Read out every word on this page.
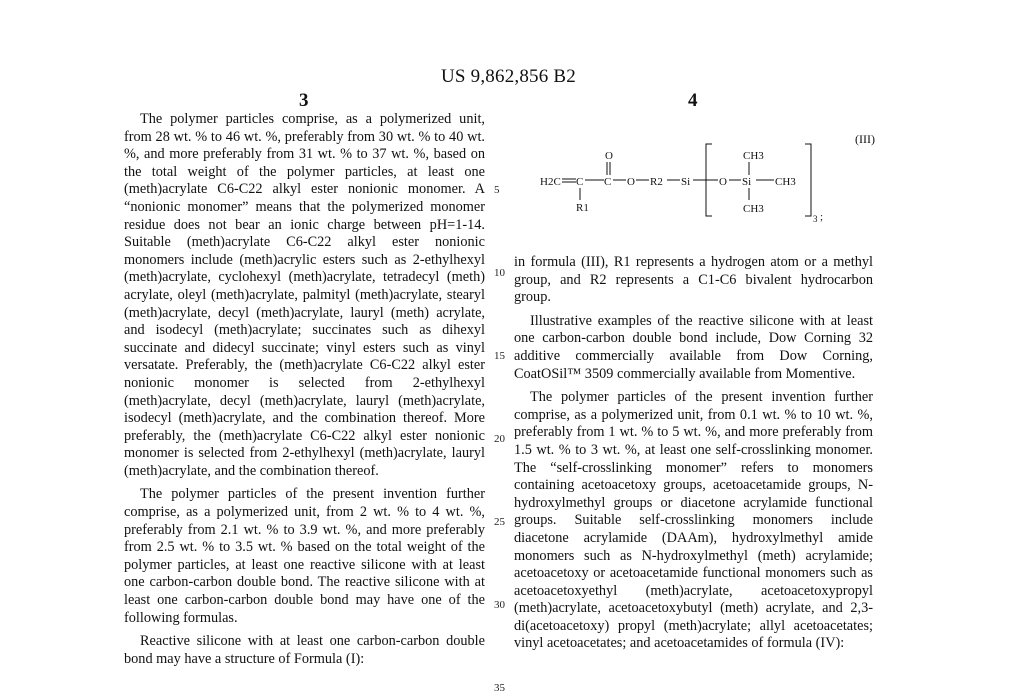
US 9,862,856 B2
3	4

The polymer particles comprise, as a polymerized unit, from 28 wt. % to 46 wt. %, preferably from 30 wt. % to 40 wt. %, and more preferably from 31 wt. % to 37 wt. %, based on the total weight of the polymer particles, at least one (meth)acrylate C6-C22 alkyl ester nonionic monomer. A “nonionic monomer” means that the polymerized monomer residue does not bear an ionic charge between pH=1-14. Suitable (meth)acrylate C6-C22 alkyl ester nonionic monomers include (meth)acrylic esters such as 2-ethylhexyl (meth)acrylate, cyclohexyl (meth)acrylate, tetradecyl (meth) acrylate, oleyl (meth)acrylate, palmityl (meth)acrylate, stearyl (meth)acrylate, decyl (meth)acrylate, lauryl (meth) acrylate, and isodecyl (meth)acrylate; succinates such as dihexyl succinate and didecyl succinate; vinyl esters such as vinyl versatate. Preferably, the (meth)acrylate C6-C22 alkyl ester nonionic monomer is selected from 2-ethylhexyl (meth)acrylate, decyl (meth)acrylate, lauryl (meth)acrylate, isodecyl (meth)acrylate, and the combination thereof. More preferably, the (meth)acrylate C6-C22 alkyl ester nonionic monomer is selected from 2-ethylhexyl (meth)acrylate, lauryl (meth)acrylate, and the combination thereof.

The polymer particles of the present invention further comprise, as a polymerized unit, from 2 wt. % to 4 wt. %, preferably from 2.1 wt. % to 3.9 wt. %, and more preferably from 2.5 wt. % to 3.5 wt. % based on the total weight of the polymer particles, at least one reactive silicone with at least one carbon-carbon double bond. The reactive silicone with at least one carbon-carbon double bond may have one of the following formulas.

Reactive silicone with at least one carbon-carbon double bond may have a structure of Formula (I):

5
10
15
20
25
30
35
H2C C
R1
C
O
O R2 Si	O Si
CH3
CH3
CH3
3 ;
(III)

in formula (III), R1 represents a hydrogen atom or a methyl group, and R2 represents a C1-C6 bivalent hydrocarbon group.

Illustrative examples of the reactive silicone with at least one carbon-carbon double bond include, Dow Corning 32 additive commercially available from Dow Corning, CoatOSil™ 3509 commercially available from Momentive.

The polymer particles of the present invention further comprise, as a polymerized unit, from 0.1 wt. % to 10 wt. %, preferably from 1 wt. % to 5 wt. %, and more preferably from 1.5 wt. % to 3 wt. %, at least one self-crosslinking monomer. The “self-crosslinking monomer” refers to monomers containing acetoacetoxy groups, acetoacetamide groups, N-hydroxylmethyl groups or diacetone acrylamide functional groups. Suitable self-crosslinking monomers include diacetone acrylamide (DAAm), hydroxylmethyl amide monomers such as N-hydroxylmethyl (meth) acrylamide; acetoacetoxy or acetoacetamide functional monomers such as acetoacetoxyethyl (meth)acrylate, acetoacetoxypropyl (meth)acrylate, acetoacetoxybutyl (meth) acrylate, and 2,3-di(acetoacetoxy) propyl (meth)acrylate; allyl acetoacetates; vinyl acetoacetates; and acetoacetamides of formula (IV):
